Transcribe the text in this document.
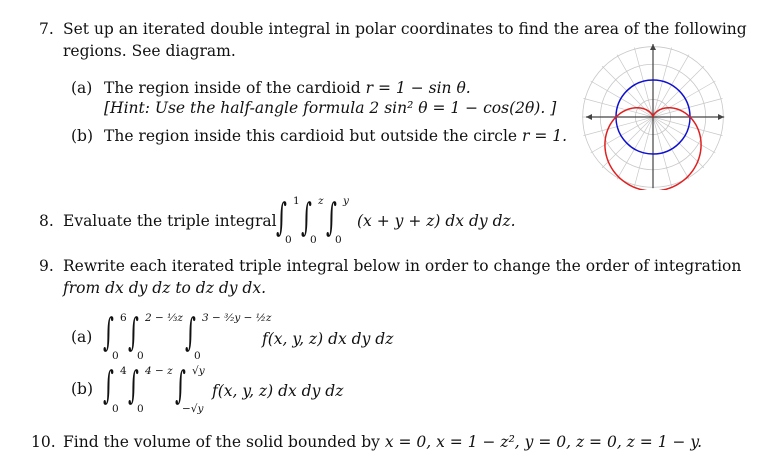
7. Set up an iterated double integral in polar coordinates to find the area of the following
regions. See diagram.
(a) The region inside of the cardioid r = 1 − sin θ.
[Hint: Use the half-angle formula 2 sin² θ = 1 − cos(2θ). ]
(b) The region inside this cardioid but outside the circle r = 1.
8. Evaluate the triple integral ∫ 1
0
∫ z
0
∫ y
0
(x + y + z) dx dy dz.
9. Rewrite each iterated triple integral below in order to change the order of integration
from dx dy dz to dz dy dx.
(a) ∫ 6
0
∫ 2 − ⅓z
0
∫ 3 − ³⁄₂y − ½z
0
f(x, y, z) dx dy dz
(b) ∫ 4
0
∫ 4 − z
0
∫ √y
−√y
f(x, y, z) dx dy dz
10. Find the volume of the solid bounded by x = 0, x = 1 − z², y = 0, z = 0, z = 1 − y.
